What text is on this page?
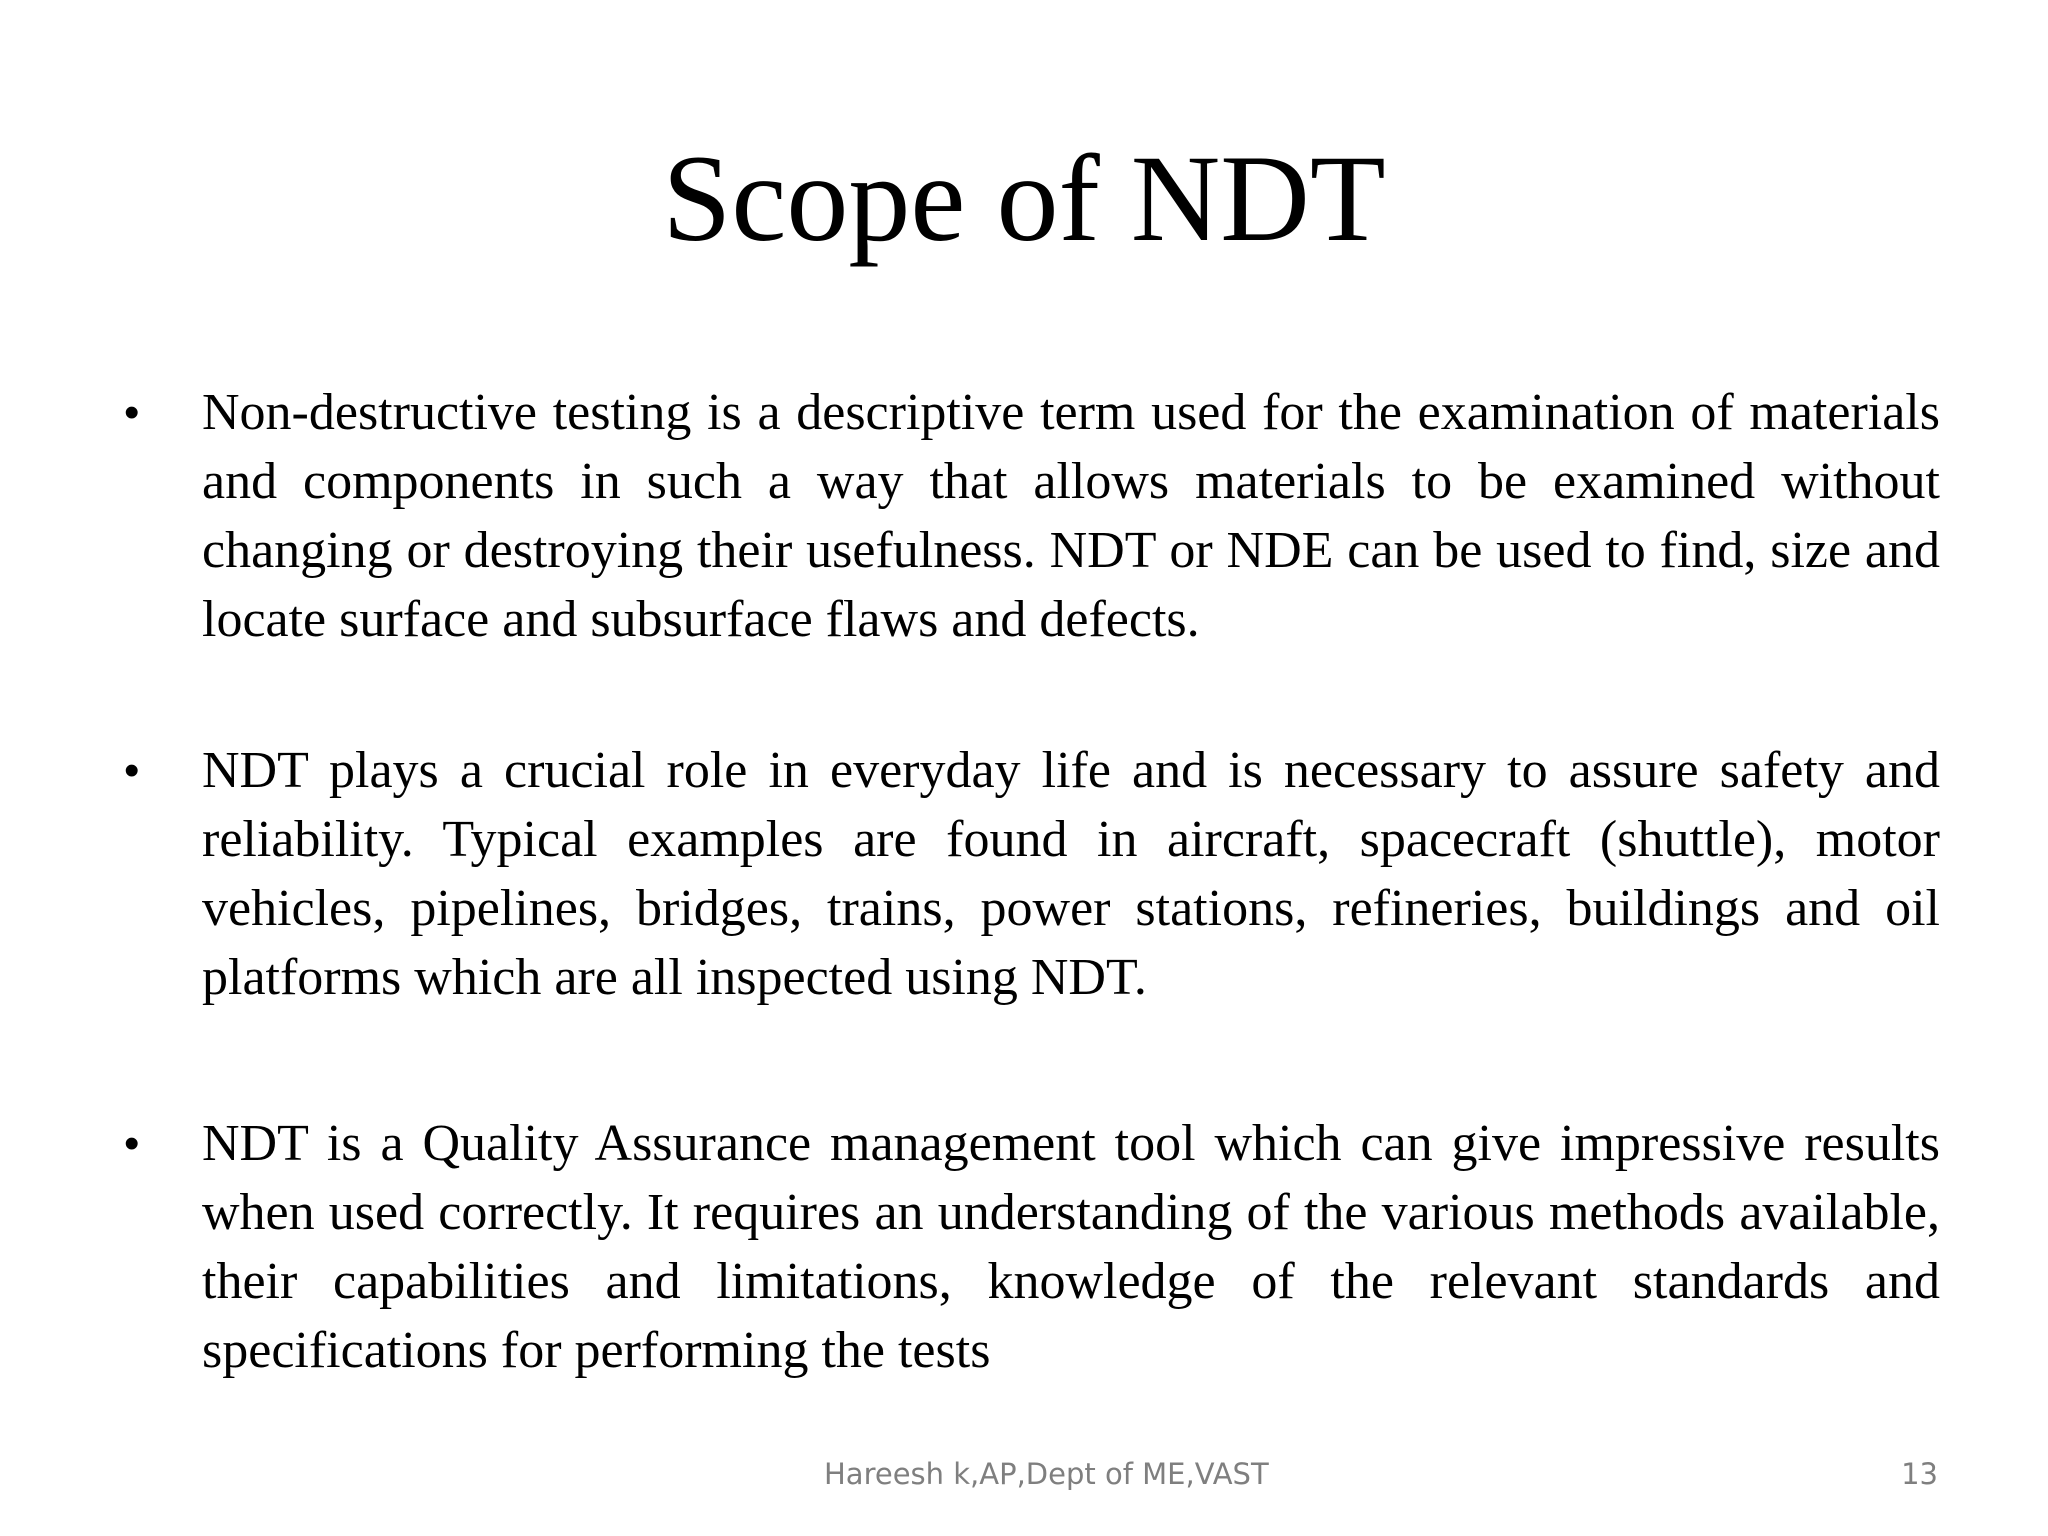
Scope of NDT
• Non-destructive testing is a descriptive term used for the examination of materials and components in such a way that allows materials to be examined without changing or destroying their usefulness. NDT or NDE can be used to find, size and locate surface and subsurface flaws and defects.

• NDT plays a crucial role in everyday life and is necessary to assure safety and reliability. Typical examples are found in aircraft, spacecraft (shuttle), motor vehicles, pipelines, bridges, trains, power stations, refineries, buildings and oil platforms which are all inspected using NDT.

• NDT is a Quality Assurance management tool which can give impressive results when used correctly. It requires an understanding of the various methods available, their capabilities and limitations, knowledge of the relevant standards and specifications for performing the tests

Hareesh k,AP,Dept of ME,VAST	13
